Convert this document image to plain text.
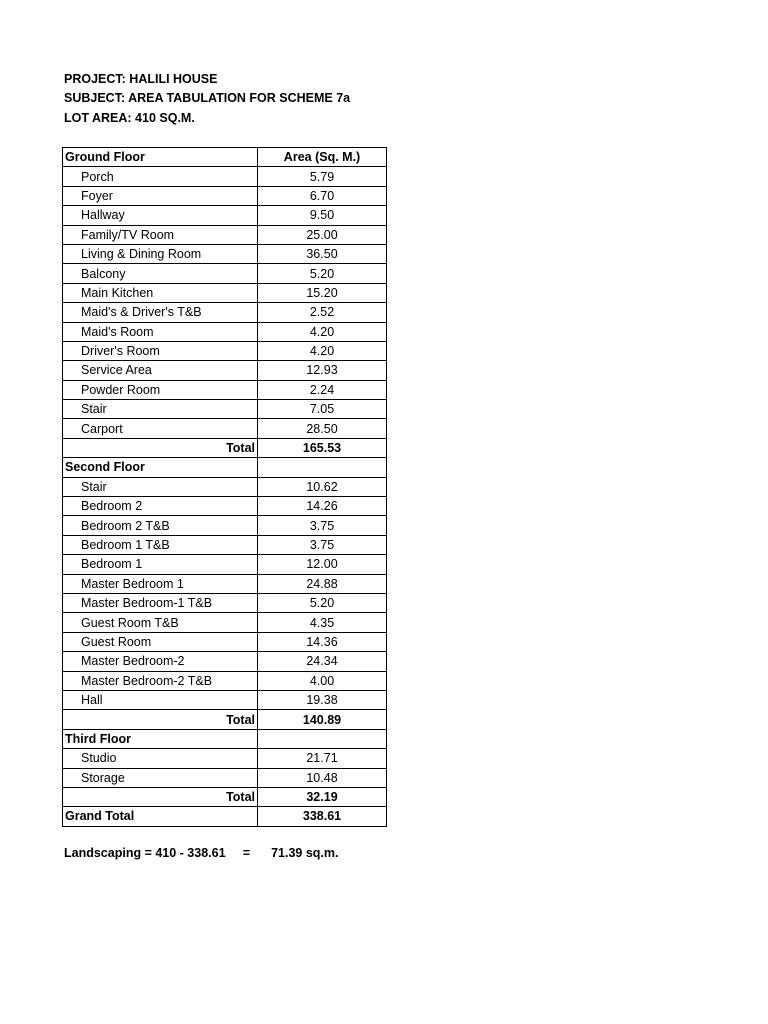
PROJECT: HALILI HOUSE
SUBJECT: AREA TABULATION FOR SCHEME 7a
LOT AREA: 410 SQ.M.
Ground Floor	Area (Sq. M.)
Porch	5.79
Foyer	6.70
Hallway	9.50
Family/TV Room	25.00
Living & Dining Room	36.50
Balcony	5.20
Main Kitchen	15.20
Maid's & Driver's T&B	2.52
Maid's Room	4.20
Driver's Room	4.20
Service Area	12.93
Powder Room	2.24
Stair	7.05
Carport	28.50
Total	165.53
Second Floor	
Stair	10.62
Bedroom 2	14.26
Bedroom 2 T&B	3.75
Bedroom 1 T&B	3.75
Bedroom 1	12.00
Master Bedroom 1	24.88
Master Bedroom-1 T&B	5.20
Guest Room T&B	4.35
Guest Room	14.36
Master Bedroom-2	24.34
Master Bedroom-2 T&B	4.00
Hall	19.38
Total	140.89
Third Floor	
Studio	21.71
Storage	10.48
Total	32.19
Grand Total	338.61
Landscaping = 410 - 338.61 = 71.39 sq.m.
